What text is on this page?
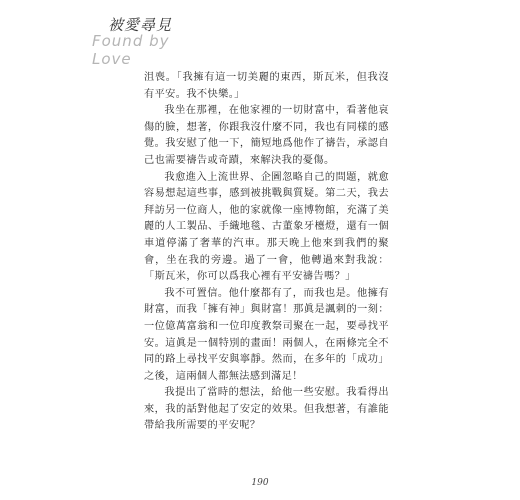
被愛尋見
Found by Love

沮喪。「我擁有這一切美麗的東西，斯瓦米，但我沒有平安。我不快樂。」

我坐在那裡，在他家裡的一切財富中，看著他哀傷的臉，想著，你跟我沒什麼不同，我也有同樣的感覺。我安慰了他一下，簡短地爲他作了禱告，承認自己也需要禱告或奇蹟，來解決我的憂傷。

我愈進入上流世界、企圖忽略自己的問題，就愈容易想起這些事，感到被挑戰與質疑。第二天，我去拜訪另一位商人，他的家就像一座博物館，充滿了美麗的人工製品、手織地毯、古董象牙檯燈，還有一個車道停滿了奢華的汽車。那天晚上他來到我們的聚會，坐在我的旁邊。過了一會，他轉過來對我說：「斯瓦米，你可以爲我心裡有平安禱告嗎？」

我不可置信。他什麼都有了，而我也是。他擁有財富，而我「擁有神」與財富！那眞是諷刺的一刻：一位億萬富翁和一位印度教祭司聚在一起，要尋找平安。這眞是一個特別的畫面！兩個人，在兩條完全不同的路上尋找平安與寧靜。然而，在多年的「成功」之後，這兩個人都無法感到滿足！

我提出了當時的想法，給他一些安慰。我看得出來，我的話對他起了安定的效果。但我想著，有誰能帶給我所需要的平安呢？

190
